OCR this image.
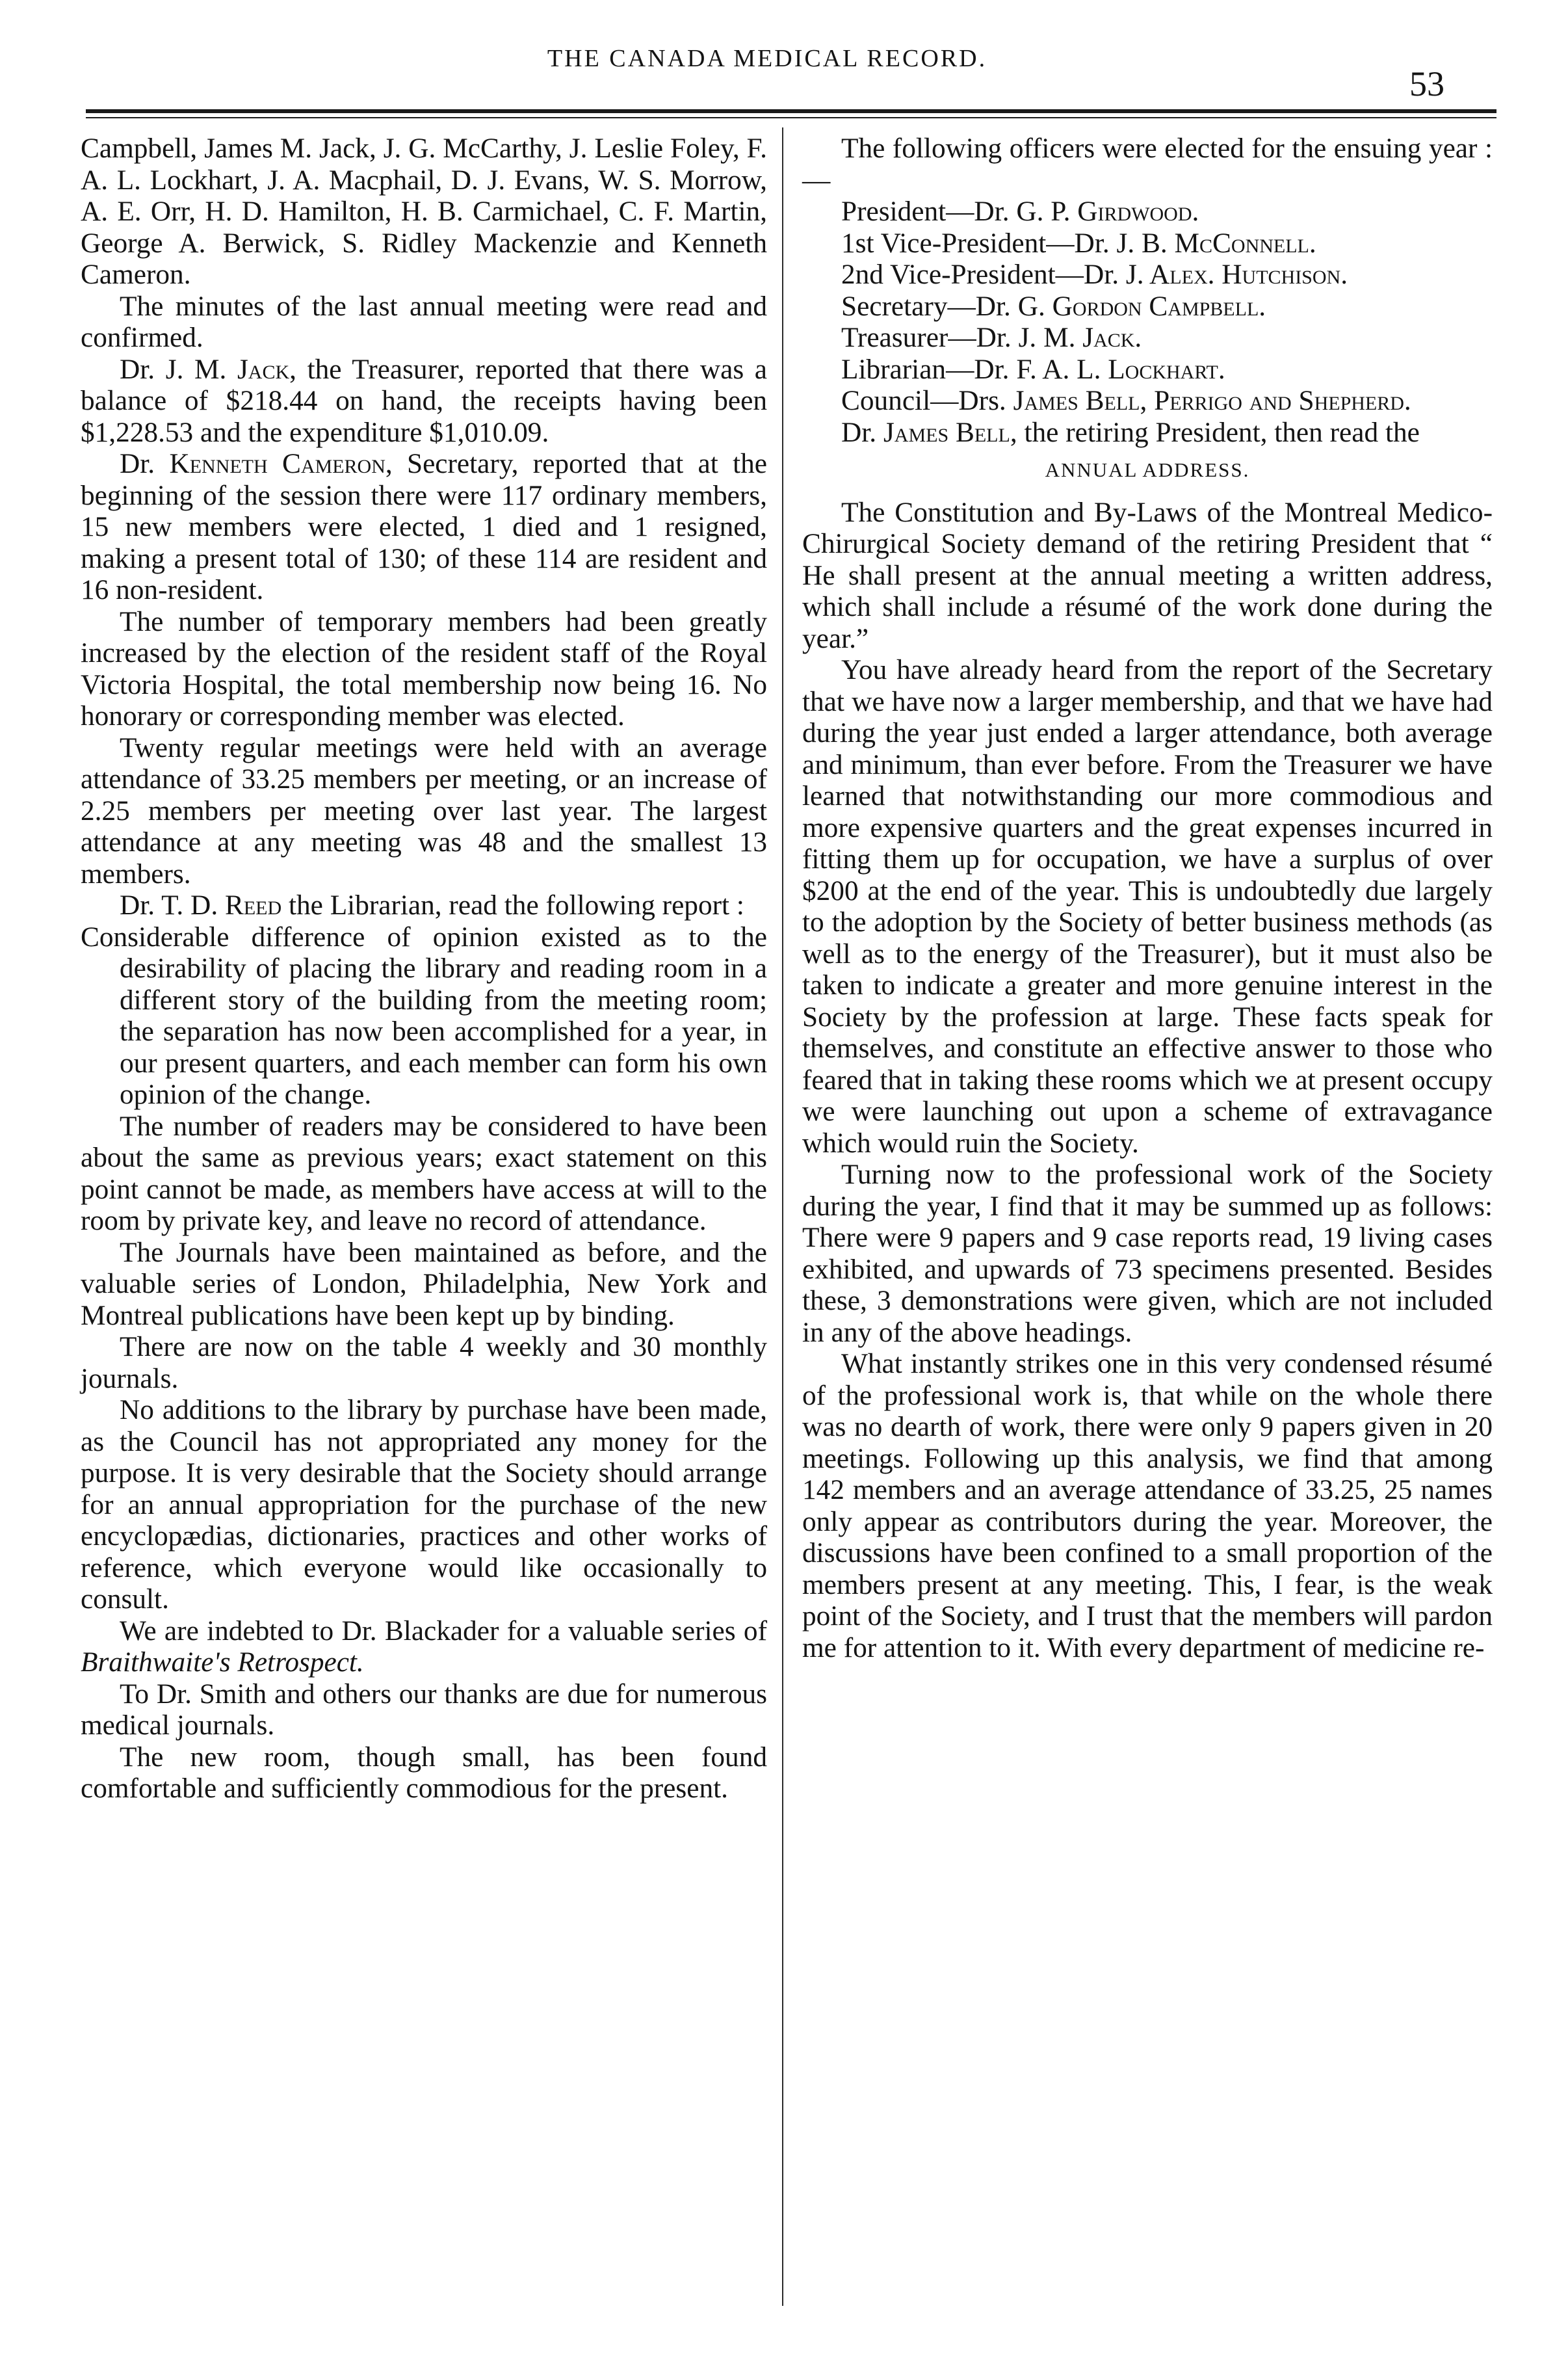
THE CANADA MEDICAL RECORD.
53

Campbell, James M. Jack, J. G. McCarthy, J. Leslie Foley, F. A. L. Lockhart, J. A. Macphail, D. J. Evans, W. S. Morrow, A. E. Orr, H. D. Hamilton, H. B. Carmichael, C. F. Martin, George A. Berwick, S. Ridley Mackenzie and Kenneth Cameron.

The minutes of the last annual meeting were read and confirmed.

Dr. J. M. Jack, the Treasurer, reported that there was a balance of $218.44 on hand, the receipts having been $1,228.53 and the expenditure $1,010.09.

Dr. Kenneth Cameron, Secretary, reported that at the beginning of the session there were 117 ordinary members, 15 new members were elected, 1 died and 1 resigned, making a present total of 130; of these 114 are resident and 16 non-resident.

The number of temporary members had been greatly increased by the election of the resident staff of the Royal Victoria Hospital, the total membership now being 16. No honorary or corresponding member was elected.

Twenty regular meetings were held with an average attendance of 33.25 members per meeting, or an increase of 2.25 members per meeting over last year. The largest attendance at any meeting was 48 and the smallest 13 members.

Dr. T. D. Reed the Librarian, read the following report :

Considerable difference of opinion existed as to the desirability of placing the library and reading room in a different story of the building from the meeting room; the separation has now been accomplished for a year, in our present quarters, and each member can form his own opinion of the change.

The number of readers may be considered to have been about the same as previous years; exact statement on this point cannot be made, as members have access at will to the room by private key, and leave no record of attendance.

The Journals have been maintained as before, and the valuable series of London, Philadelphia, New York and Montreal publications have been kept up by binding.

There are now on the table 4 weekly and 30 monthly journals.

No additions to the library by purchase have been made, as the Council has not appropriated any money for the purpose. It is very desirable that the Society should arrange for an annual appropriation for the purchase of the new encyclopædias, dictionaries, practices and other works of reference, which everyone would like occasionally to consult.

We are indebted to Dr. Blackader for a valuable series of Braithwaite's Retrospect.

To Dr. Smith and others our thanks are due for numerous medical journals.

The new room, though small, has been found comfortable and sufficiently commodious for the present.

The following officers were elected for the ensuing year :—

President—Dr. G. P. Girdwood.

1st Vice-President—Dr. J. B. McConnell.

2nd Vice-President—Dr. J. Alex. Hutchison.

Secretary—Dr. G. Gordon Campbell.

Treasurer—Dr. J. M. Jack.

Librarian—Dr. F. A. L. Lockhart.

Council—Drs. James Bell, Perrigo and Shepherd.

Dr. James Bell, the retiring President, then read the

ANNUAL ADDRESS.

The Constitution and By-Laws of the Montreal Medico-Chirurgical Society demand of the retiring President that “ He shall present at the annual meeting a written address, which shall include a résumé of the work done during the year.”

You have already heard from the report of the Secretary that we have now a larger membership, and that we have had during the year just ended a larger attendance, both average and minimum, than ever before. From the Treasurer we have learned that notwithstanding our more commodious and more expensive quarters and the great expenses incurred in fitting them up for occupation, we have a surplus of over $200 at the end of the year. This is undoubtedly due largely to the adoption by the Society of better business methods (as well as to the energy of the Treasurer), but it must also be taken to indicate a greater and more genuine interest in the Society by the profession at large. These facts speak for themselves, and constitute an effective answer to those who feared that in taking these rooms which we at present occupy we were launching out upon a scheme of extravagance which would ruin the Society.

Turning now to the professional work of the Society during the year, I find that it may be summed up as follows: There were 9 papers and 9 case reports read, 19 living cases exhibited, and upwards of 73 specimens presented. Besides these, 3 demonstrations were given, which are not included in any of the above headings.

What instantly strikes one in this very condensed résumé of the professional work is, that while on the whole there was no dearth of work, there were only 9 papers given in 20 meetings. Following up this analysis, we find that among 142 members and an average attendance of 33.25, 25 names only appear as contributors during the year. Moreover, the discussions have been confined to a small proportion of the members present at any meeting. This, I fear, is the weak point of the Society, and I trust that the members will pardon me for attention to it. With every department of medicine re-
